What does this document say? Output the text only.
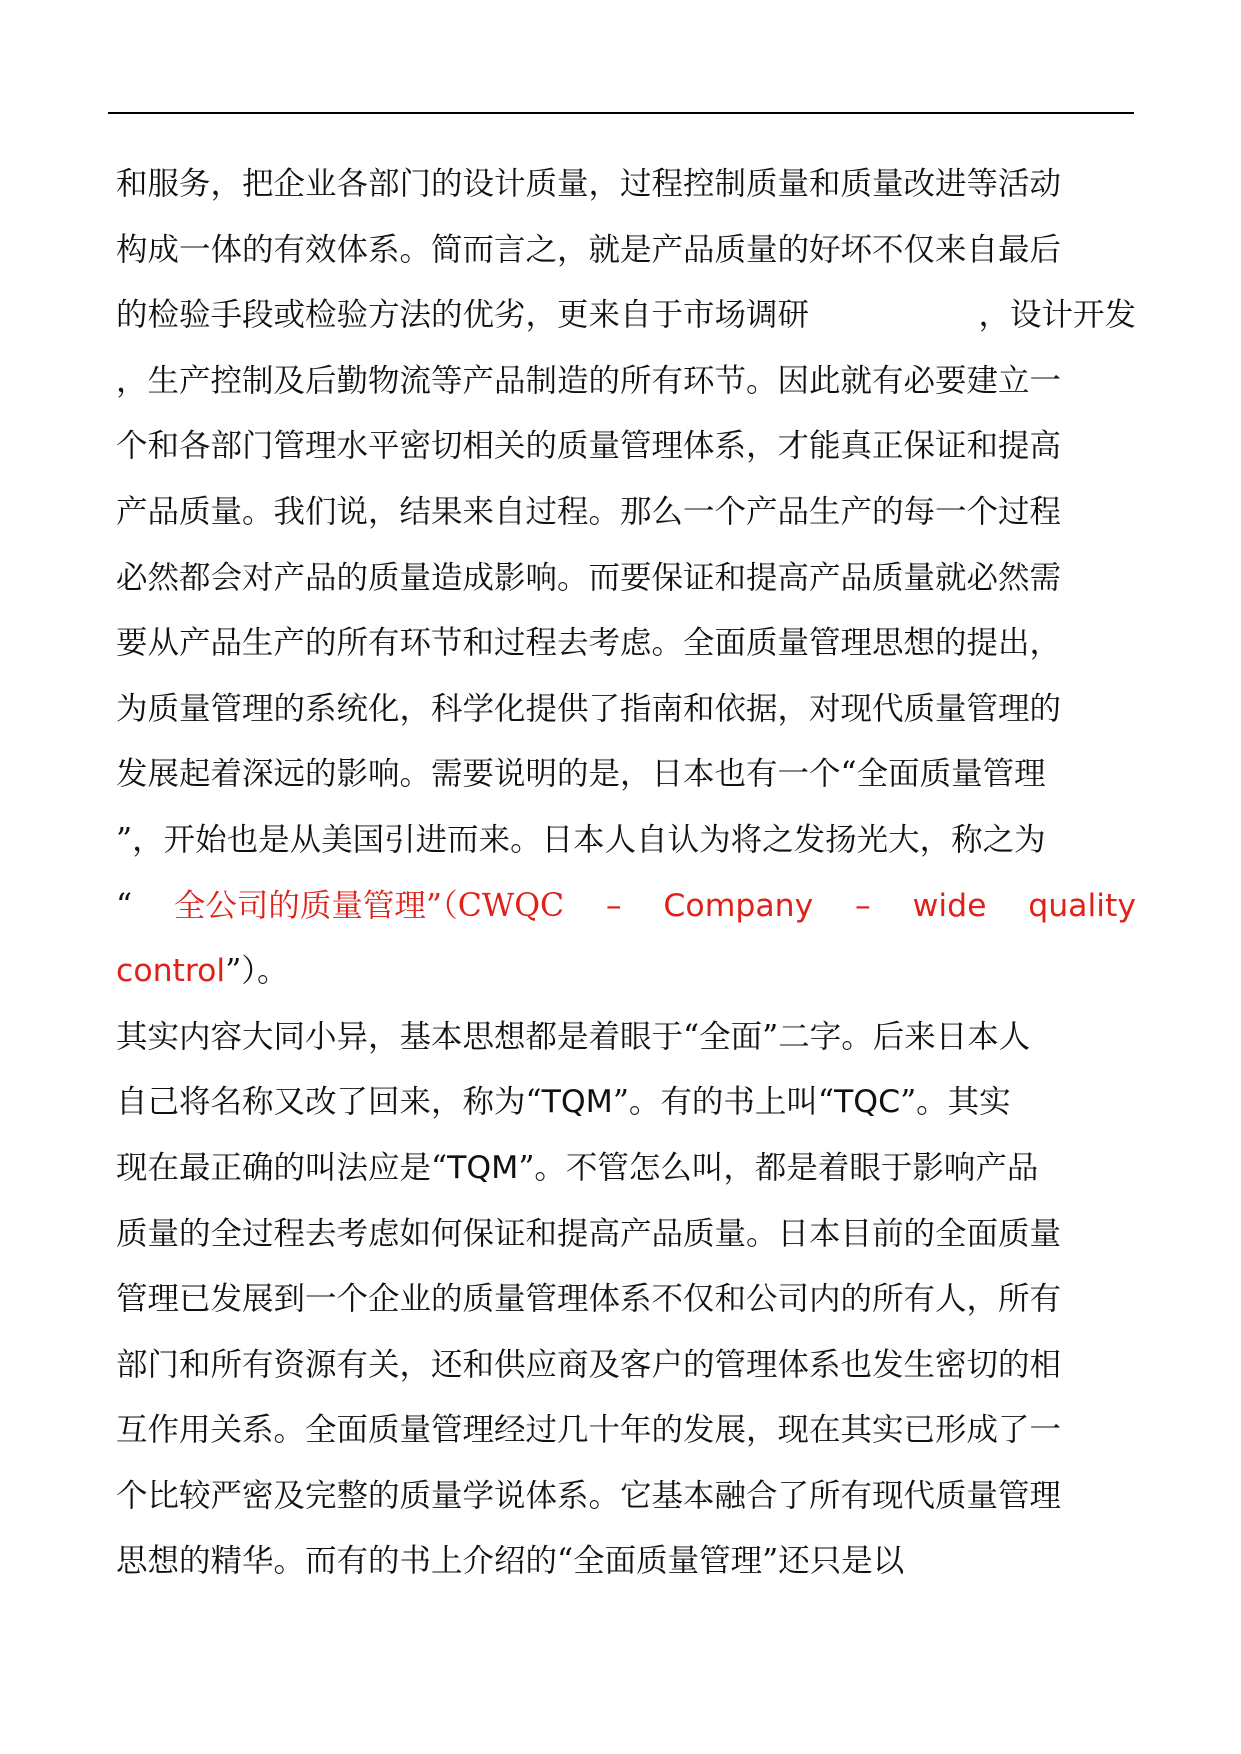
和服务，把企业各部门的设计质量，过程控制质量和质量改进等活动
构成一体的有效体系。简而言之，就是产品质量的好坏不仅来自最后
的检验手段或检验方法的优劣，更来自于市场调研	，设计开发
，生产控制及后勤物流等产品制造的所有环节。因此就有必要建立一
个和各部门管理水平密切相关的质量管理体系，才能真正保证和提高
产品质量。我们说，结果来自过程。那么一个产品生产的每一个过程
必然都会对产品的质量造成影响。而要保证和提高产品质量就必然需
要从产品生产的所有环节和过程去考虑。全面质量管理思想的提出，
为质量管理的系统化，科学化提供了指南和依据，对现代质量管理的
发展起着深远的影响。需要说明的是，日本也有一个“全面质量管理
”，开始也是从美国引进而来。日本人自认为将之发扬光大，称之为
“ 全公司的质量管理”（CWQC – Company – wide quality
control”）。
其实内容大同小异，基本思想都是着眼于“全面”二字。后来日本人
自己将名称又改了回来，称为“TQM”。有的书上叫“TQC”。其实
现在最正确的叫法应是“TQM”。不管怎么叫，都是着眼于影响产品
质量的全过程去考虑如何保证和提高产品质量。日本目前的全面质量
管理已发展到一个企业的质量管理体系不仅和公司内的所有人，所有
部门和所有资源有关，还和供应商及客户的管理体系也发生密切的相
互作用关系。全面质量管理经过几十年的发展，现在其实已形成了一
个比较严密及完整的质量学说体系。它基本融合了所有现代质量管理
思想的精华。而有的书上介绍的“全面质量管理”还只是以
